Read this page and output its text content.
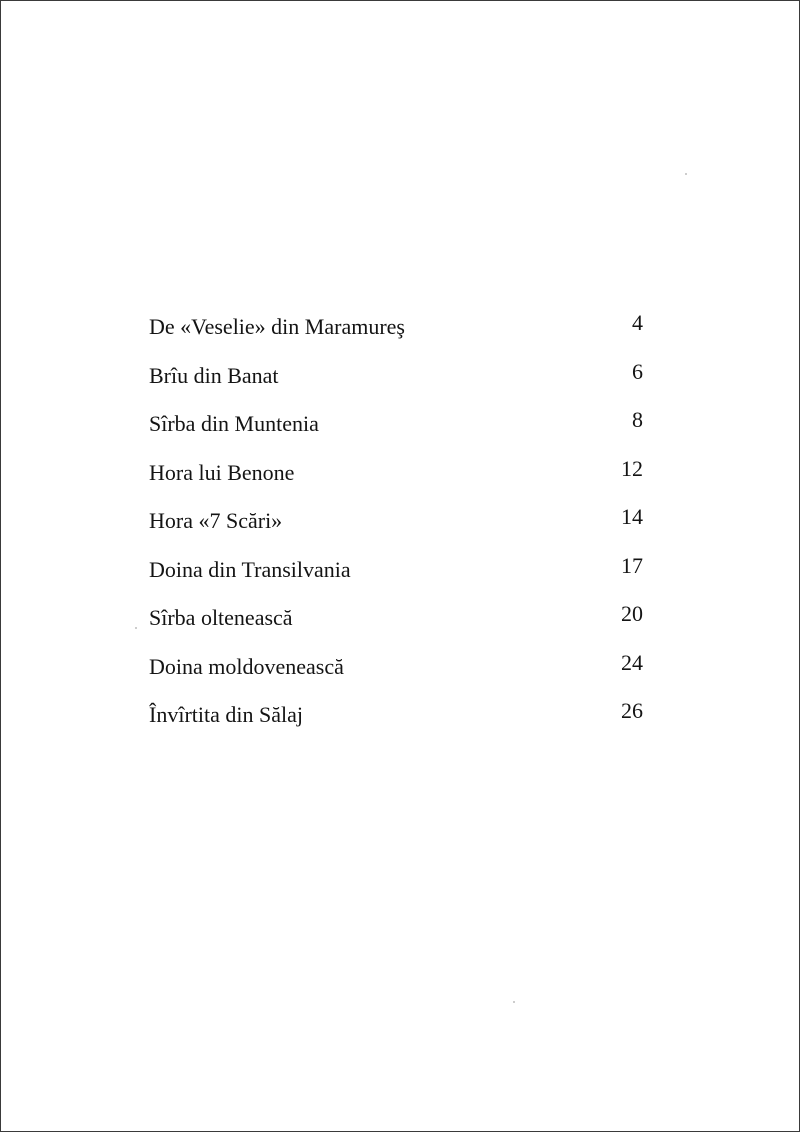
De «Veselie» din Maramureş	4
Brîu din Banat	6
Sîrba din Muntenia	8
Hora lui Benone	12
Hora «7 Scări»	14
Doina din Transilvania	17
Sîrba oltenească	20
Doina moldovenească	24
Învîrtita din Sălaj	26
